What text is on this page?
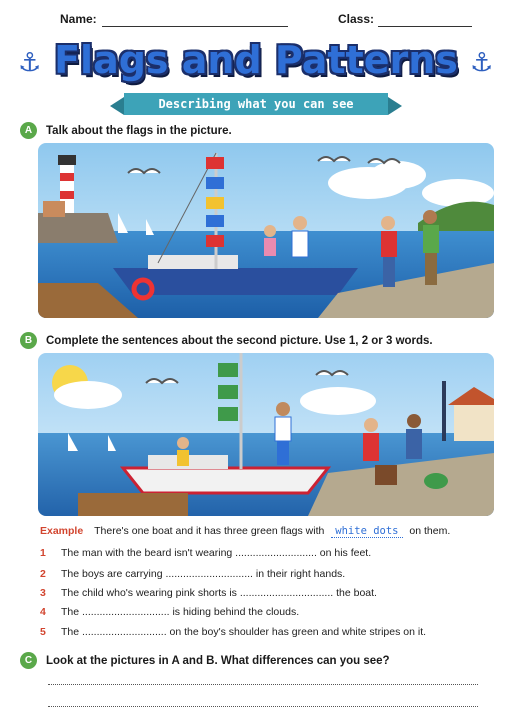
Name:	Class:
⚓	⚓
Flags and Patterns
Describing what you can see
A	Talk about the flags in the picture.
B	Complete the sentences about the second picture. Use 1, 2 or 3 words.
Example There's one boat and it has three green flags with white dots on them.
1 The man with the beard isn't wearing ............................ on his feet.
2 The boys are carrying .............................. in their right hands.
3 The child who's wearing pink shorts is ................................ the boat.
4 The .............................. is hiding behind the clouds.
5 The ............................. on the boy's shoulder has green and white stripes on it.
C	Look at the pictures in A and B. What differences can you see?
